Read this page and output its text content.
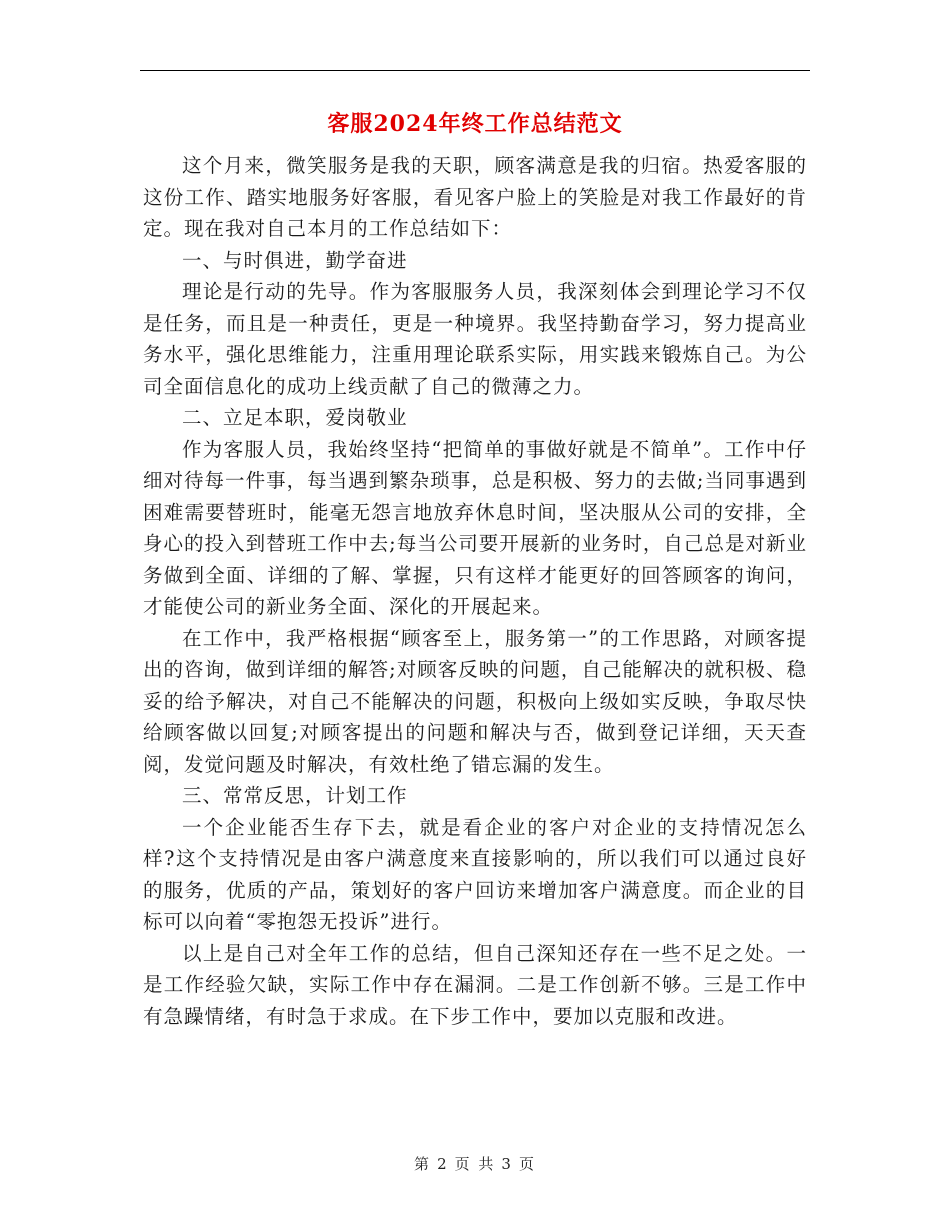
客服2024年终工作总结范文

这个月来，微笑服务是我的天职，顾客满意是我的归宿。热爱客服的这份工作、踏实地服务好客服，看见客户脸上的笑脸是对我工作最好的肯定。现在我对自己本月的工作总结如下：

一、与时俱进，勤学奋进

理论是行动的先导。作为客服服务人员，我深刻体会到理论学习不仅是任务，而且是一种责任，更是一种境界。我坚持勤奋学习，努力提高业务水平，强化思维能力，注重用理论联系实际，用实践来锻炼自己。为公司全面信息化的成功上线贡献了自己的微薄之力。

二、立足本职，爱岗敬业

作为客服人员，我始终坚持“把简单的事做好就是不简单”。工作中仔细对待每一件事，每当遇到繁杂琐事，总是积极、努力的去做;当同事遇到困难需要替班时，能毫无怨言地放弃休息时间，坚决服从公司的安排，全身心的投入到替班工作中去;每当公司要开展新的业务时，自己总是对新业务做到全面、详细的了解、掌握，只有这样才能更好的回答顾客的询问，才能使公司的新业务全面、深化的开展起来。

在工作中，我严格根据“顾客至上，服务第一”的工作思路，对顾客提出的咨询，做到详细的解答;对顾客反映的问题，自己能解决的就积极、稳妥的给予解决，对自己不能解决的问题，积极向上级如实反映，争取尽快给顾客做以回复;对顾客提出的问题和解决与否，做到登记详细，天天查阅，发觉问题及时解决，有效杜绝了错忘漏的发生。

三、常常反思，计划工作

一个企业能否生存下去，就是看企业的客户对企业的支持情况怎么样?这个支持情况是由客户满意度来直接影响的，所以我们可以通过良好的服务，优质的产品，策划好的客户回访来增加客户满意度。而企业的目标可以向着“零抱怨无投诉”进行。

以上是自己对全年工作的总结，但自己深知还存在一些不足之处。一是工作经验欠缺，实际工作中存在漏洞。二是工作创新不够。三是工作中有急躁情绪，有时急于求成。在下步工作中，要加以克服和改进。

第 2 页 共 3 页
